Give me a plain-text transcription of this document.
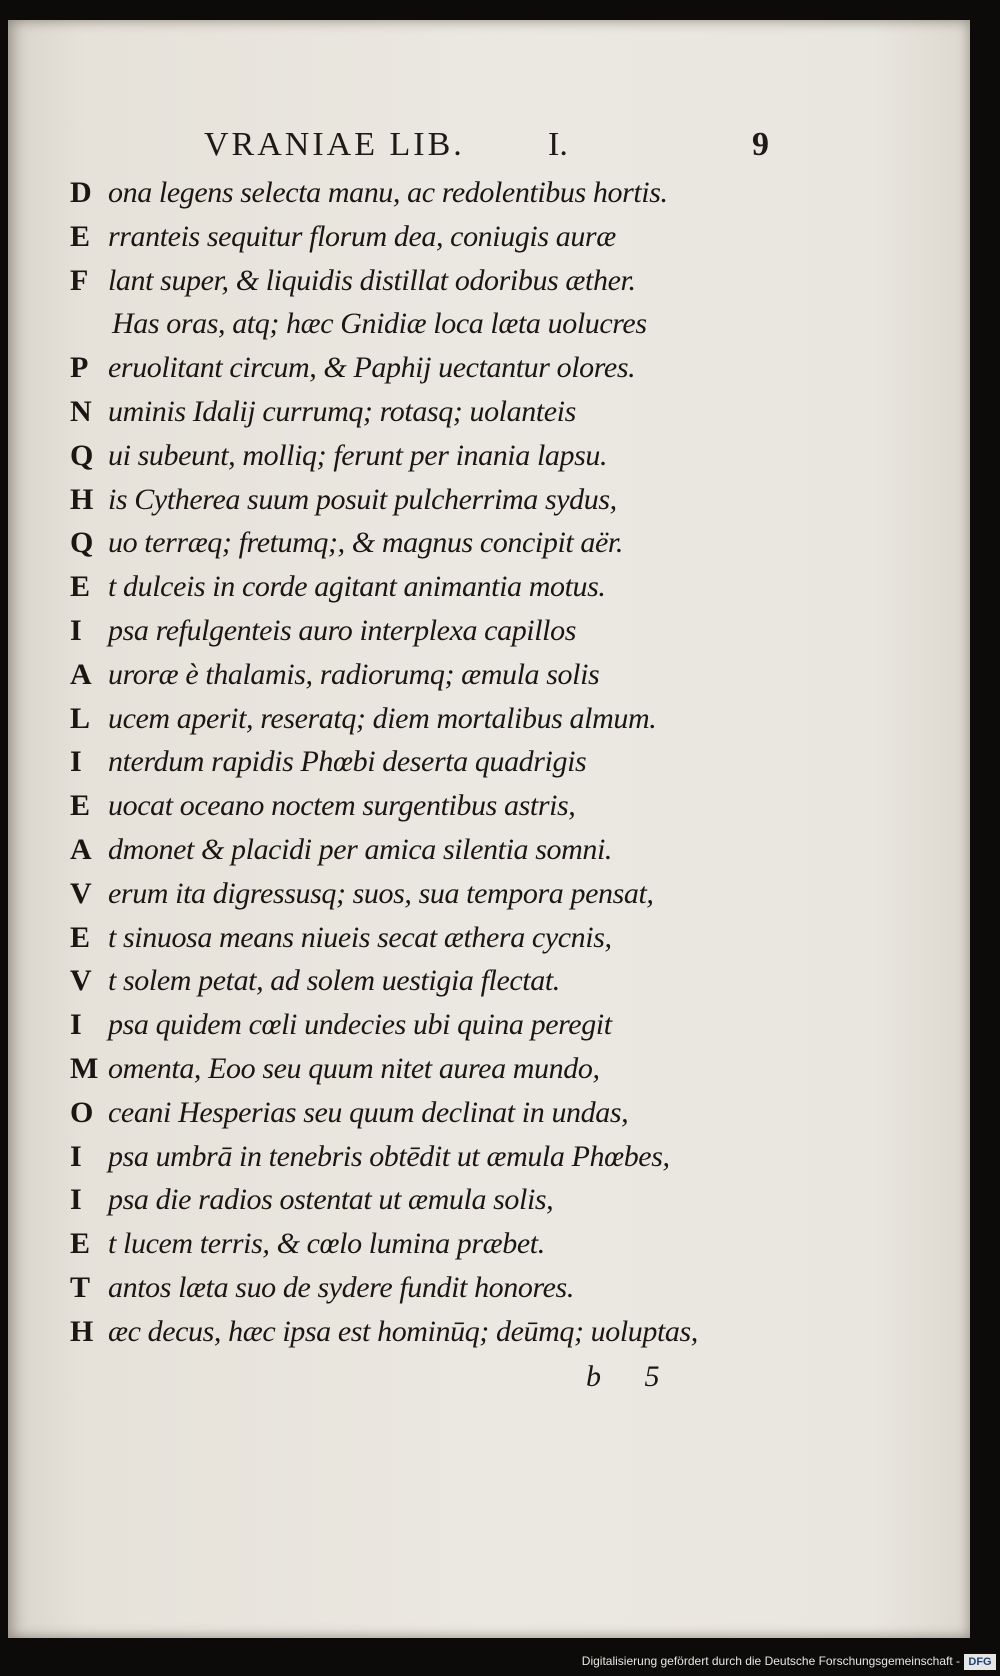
VRANIAE LIB. I.	9
D ona legens selecta manu, ac redolentibus hortis.
E rranteis sequitur florum dea, coniugis auræ
F lant super, & liquidis distillat odoribus æther.
Has oras, atq; hæc Gnidiæ loca læta uolucres
P eruolitant circum, & Paphij uectantur olores.
N uminis Idalij currumq; rotasq; uolanteis
Q ui subeunt, molliq; ferunt per inania lapsu.
H is Cytherea suum posuit pulcherrima sydus,
Q uo terræq; fretumq;, & magnus concipit aër.
E t dulceis in corde agitant animantia motus.
I psa refulgenteis auro interplexa capillos
A uroræ è thalamis, radiorumq; æmula solis
L ucem aperit, reseratq; diem mortalibus almum.
I nterdum rapidis Phœbi deserta quadrigis
E uocat oceano noctem surgentibus astris,
A dmonet & placidi per amica silentia somni.
V erum ita digressusq; suos, sua tempora pensat,
E t sinuosa means niueis secat æthera cycnis,
V t solem petat, ad solem uestigia flectat.
I psa quidem cœli undecies ubi quina peregit
M omenta, Eoo seu quum nitet aurea mundo,
O ceani Hesperias seu quum declinat in undas,
I psa umbrā in tenebris obtēdit ut æmula Phœbes,
I psa die radios ostentat ut æmula solis,
E t lucem terris, & cœlo lumina præbet.
T antos læta suo de sydere fundit honores.
H æc decus, hæc ipsa est hominūq; deūmq; uoluptas,
b 5
Digitalisierung gefördert durch die Deutsche Forschungsgemeinschaft - DFG
